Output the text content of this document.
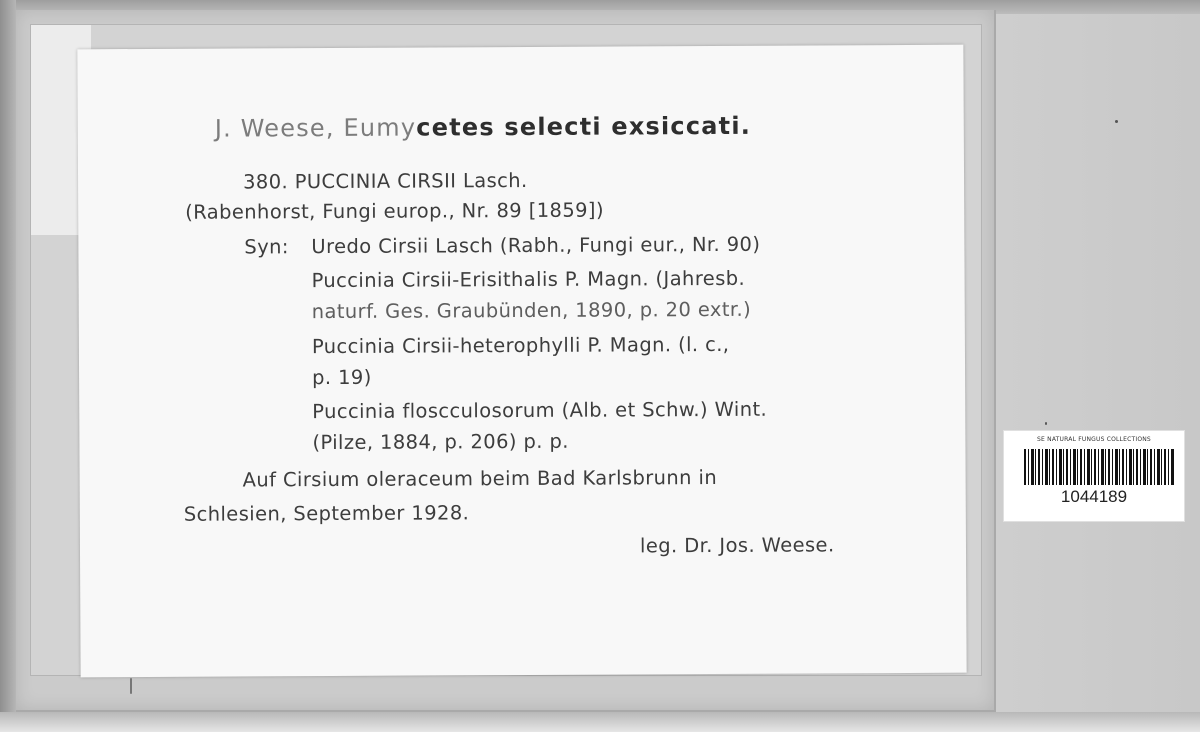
J. Weese, Eumycetes selecti exsiccati.
380. PUCCINIA CIRSII Lasch.
(Rabenhorst, Fungi europ., Nr. 89 [1859])
Syn: Uredo Cirsii Lasch (Rabh., Fungi eur., Nr. 90)
Puccinia Cirsii-Erisithalis P. Magn. (Jahresb.
naturf. Ges. Graubünden, 1890, p. 20 extr.)
Puccinia Cirsii-heterophylli P. Magn. (l. c.,
p. 19)
Puccinia floscculosorum (Alb. et Schw.) Wint.
(Pilze, 1884, p. 206) p. p.
Auf Cirsium oleraceum beim Bad Karlsbrunn in
Schlesien, September 1928.
leg. Dr. Jos. Weese.
SE NATURAL FUNGUS COLLECTIONS
1044189
